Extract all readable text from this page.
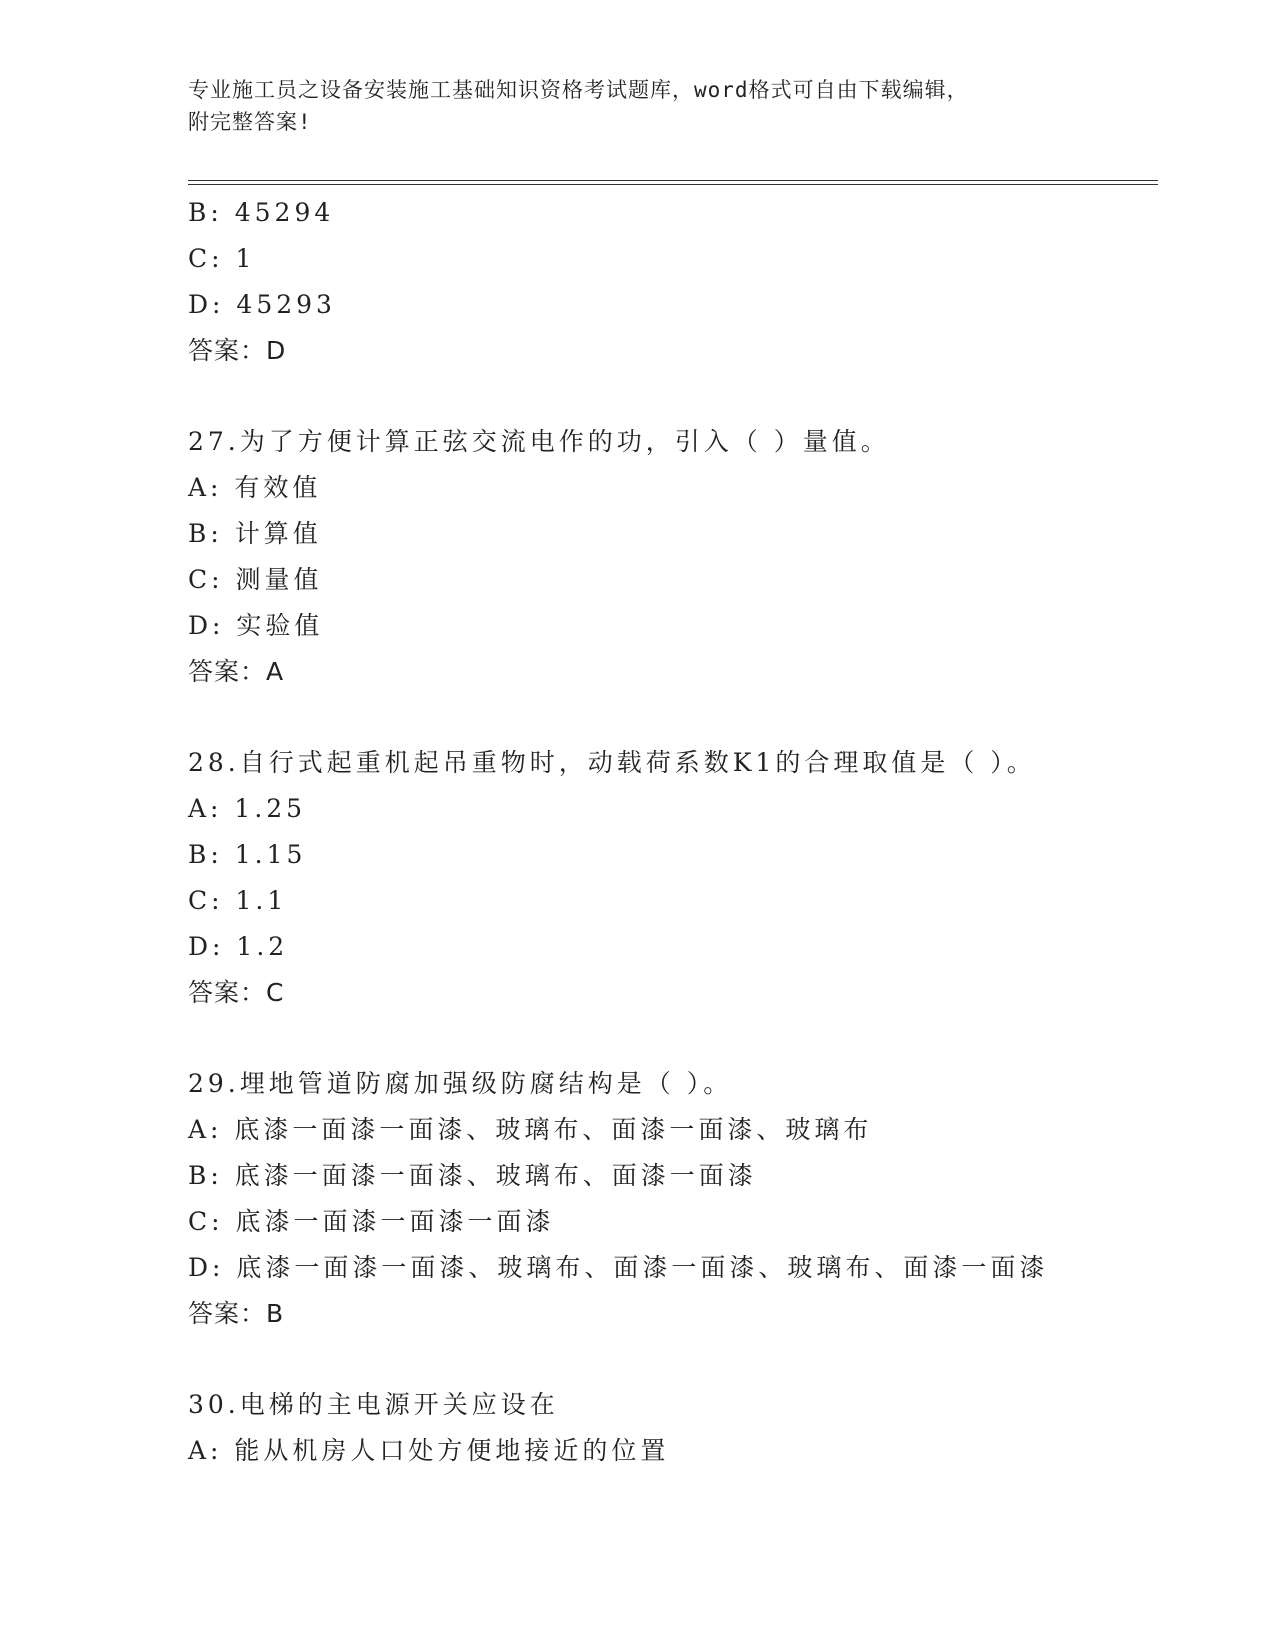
专业施工员之设备安装施工基础知识资格考试题库，word格式可自由下载编辑，
附完整答案!
B: 45294
C: 1
D: 45293
答案：D
27.为了方便计算正弦交流电作的功，引入（ ）量值。
A: 有效值
B: 计算值
C: 测量值
D: 实验值
答案：A
28.自行式起重机起吊重物时，动载荷系数K1的合理取值是（ ）。
A: 1.25
B: 1.15
C: 1.1
D: 1.2
答案：C
29.埋地管道防腐加强级防腐结构是（ ）。
A: 底漆一面漆一面漆、玻璃布、面漆一面漆、玻璃布
B: 底漆一面漆一面漆、玻璃布、面漆一面漆
C: 底漆一面漆一面漆一面漆
D: 底漆一面漆一面漆、玻璃布、面漆一面漆、玻璃布、面漆一面漆
答案：B
30.电梯的主电源开关应设在
A: 能从机房人口处方便地接近的位置
